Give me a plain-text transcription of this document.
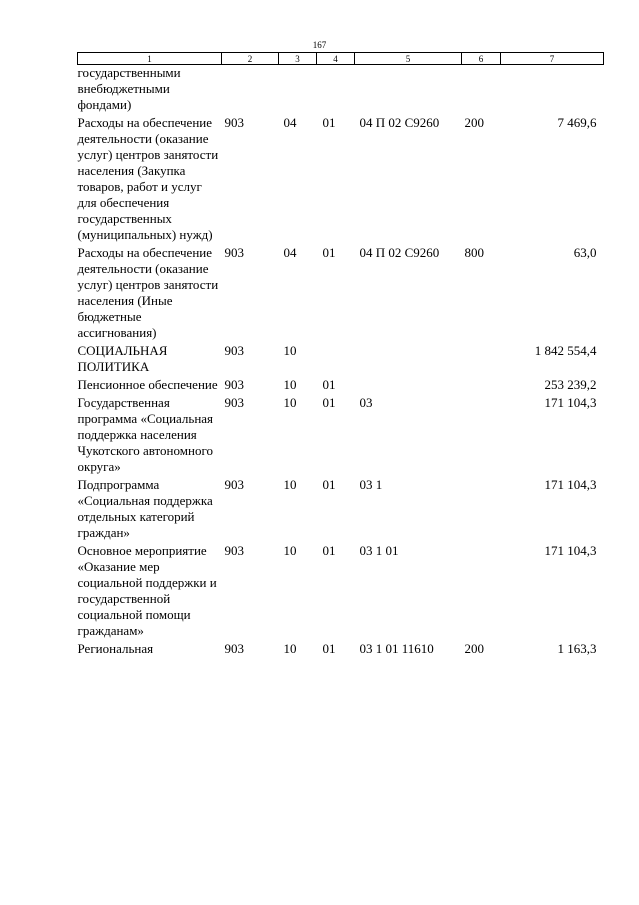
167
1	2	3	4	5	6	7
государственными внебюджетными фондами)						
Расходы на обеспечение деятельности (оказание услуг) центров занятости населения (Закупка товаров, работ и услуг для обеспечения государственных (муниципальных) нужд)	903	04	01	04 П 02 С9260	200	7 469,6
Расходы на обеспечение деятельности (оказание услуг) центров занятости населения (Иные бюджетные ассигнования)	903	04	01	04 П 02 С9260	800	63,0
СОЦИАЛЬНАЯ ПОЛИТИКА	903	10				1 842 554,4
Пенсионное обеспечение	903	10	01			253 239,2
Государственная программа «Социальная поддержка населения Чукотского автономного округа»	903	10	01	03		171 104,3
Подпрограмма «Социальная поддержка отдельных категорий граждан»	903	10	01	03 1		171 104,3
Основное мероприятие «Оказание мер социальной поддержки и государственной социальной помощи гражданам»	903	10	01	03 1 01		171 104,3
Региональная	903	10	01	03 1 01 11610	200	1 163,3
